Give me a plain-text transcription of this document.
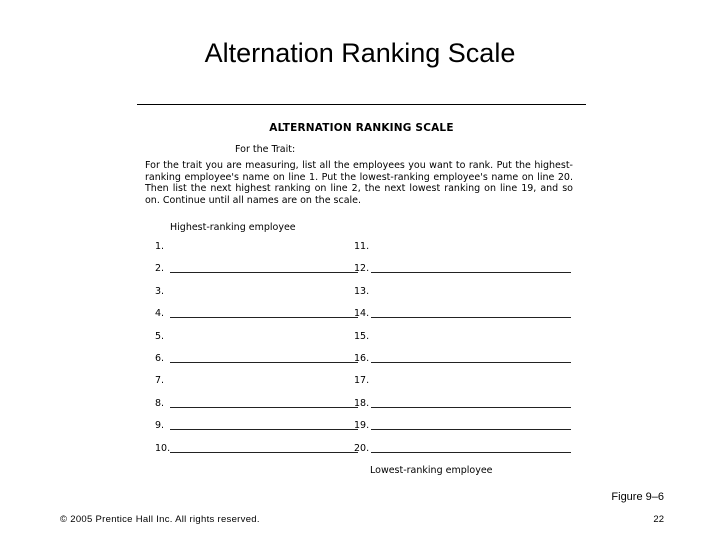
Alternation Ranking Scale
ALTERNATION RANKING SCALE
For the Trait:
For the trait you are measuring, list all the employees you want to rank. Put the highest-ranking employee's name on line 1. Put the lowest-ranking employee's name on line 20. Then list the next highest ranking on line 2, the next lowest ranking on line 19, and so on. Continue until all names are on the scale.
Highest-ranking employee
1.
2.
3.
4.
5.
6.
7.
8.
9.
10.
11.
12.
13.
14.
15.
16.
17.
18.
19.
20.
Lowest-ranking employee
Figure 9–6
© 2005 Prentice Hall Inc. All rights reserved.	22
